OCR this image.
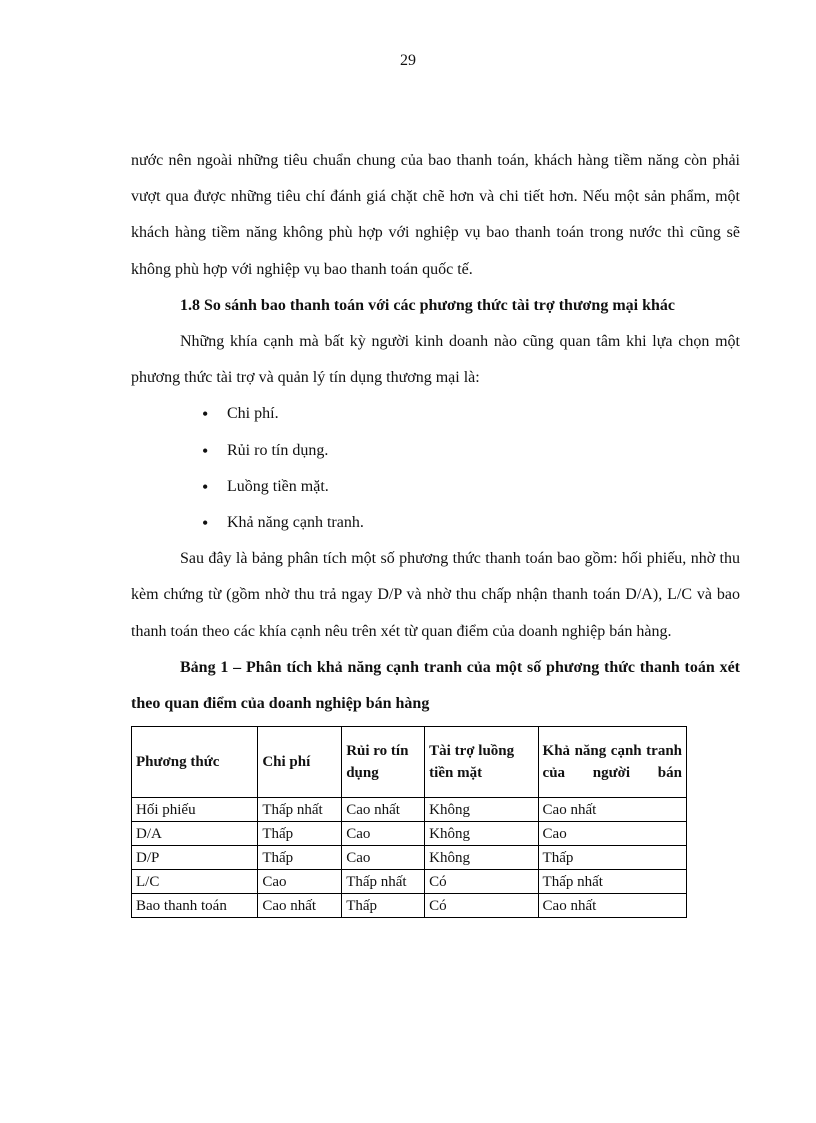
29

nước nên ngoài những tiêu chuẩn chung của bao thanh toán, khách hàng tiềm năng còn phải vượt qua được những tiêu chí đánh giá chặt chẽ hơn và chi tiết hơn. Nếu một sản phẩm, một khách hàng tiềm năng không phù hợp với nghiệp vụ bao thanh toán trong nước thì cũng sẽ không phù hợp với nghiệp vụ bao thanh toán quốc tế.

1.8 So sánh bao thanh toán với các phương thức tài trợ thương mại khác

Những khía cạnh mà bất kỳ người kinh doanh nào cũng quan tâm khi lựa chọn một phương thức tài trợ và quản lý tín dụng thương mại là:

• Chi phí.
• Rủi ro tín dụng.
• Luồng tiền mặt.
• Khả năng cạnh tranh.

Sau đây là bảng phân tích một số phương thức thanh toán bao gồm: hối phiếu, nhờ thu kèm chứng từ (gồm nhờ thu trả ngay D/P và nhờ thu chấp nhận thanh toán D/A), L/C và bao thanh toán theo các khía cạnh nêu trên xét từ quan điểm của doanh nghiệp bán hàng.

Bảng 1 – Phân tích khả năng cạnh tranh của một số phương thức thanh toán xét theo quan điểm của doanh nghiệp bán hàng

Phương thức	Chi phí	Rủi ro tín dụng	Tài trợ luồng tiền mặt	Khả năng cạnh tranh của người bán
Hối phiếu	Thấp nhất	Cao nhất	Không	Cao nhất
D/A	Thấp	Cao	Không	Cao
D/P	Thấp	Cao	Không	Thấp
L/C	Cao	Thấp nhất	Có	Thấp nhất
Bao thanh toán	Cao nhất	Thấp	Có	Cao nhất
